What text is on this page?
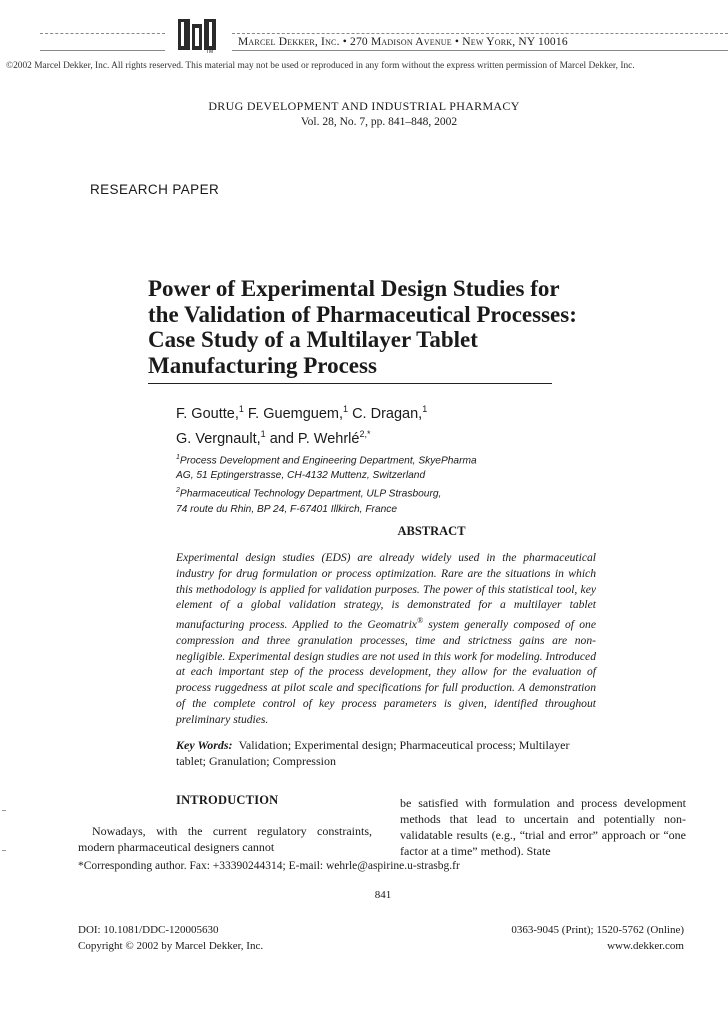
TM
Marcel Dekker, Inc. • 270 Madison Avenue • New York, NY 10016
©2002 Marcel Dekker, Inc. All rights reserved. This material may not be used or reproduced in any form without the express written permission of Marcel Dekker, Inc.
DRUG DEVELOPMENT AND INDUSTRIAL PHARMACY
Vol. 28, No. 7, pp. 841–848, 2002
RESEARCH PAPER
Power of Experimental Design Studies for the Validation of Pharmaceutical Processes: Case Study of a Multilayer Tablet Manufacturing Process
F. Goutte,$^1$ F. Guemguem,$^1$ C. Dragan,$^1$
G. Vergnault,$^1$ and P. Wehrlé$^{2,*}$
$^1$Process Development and Engineering Department, SkyePharma
AG, 51 Eptingerstrasse, CH-4132 Muttenz, Switzerland
$^2$Pharmaceutical Technology Department, ULP Strasbourg,
74 route du Rhin, BP 24, F-67401 Illkirch, France
ABSTRACT

Experimental design studies (EDS) are already widely used in the pharmaceutical industry for drug formulation or process optimization. Rare are the situations in which this methodology is applied for validation purposes. The power of this statistical tool, key element of a global validation strategy, is demonstrated for a multilayer tablet manufacturing process. Applied to the Geomatrix® system generally composed of one compression and three granulation processes, time and strictness gains are non-negligible. Experimental design studies are not used in this work for modeling. Introduced at each important step of the process development, they allow for the evaluation of process ruggedness at pilot scale and specifications for full production. A demonstration of the complete control of key process parameters is given, identified throughout preliminary studies.

Key Words: Validation; Experimental design; Pharmaceutical process; Multilayer tablet; Granulation; Compression

INTRODUCTION

Nowadays, with the current regulatory constraints, modern pharmaceutical designers cannot

be satisfied with formulation and process development methods that lead to uncertain and potentially non-validatable results (e.g., “trial and error” approach or “one factor at a time” method). State

*Corresponding author. Fax: +33390244314; E-mail: wehrle@aspirine.u-strasbg.fr
841
DOI: 10.1081/DDC-120005630
Copyright © 2002 by Marcel Dekker, Inc.
0363-9045 (Print); 1520-5762 (Online)
www.dekker.com
